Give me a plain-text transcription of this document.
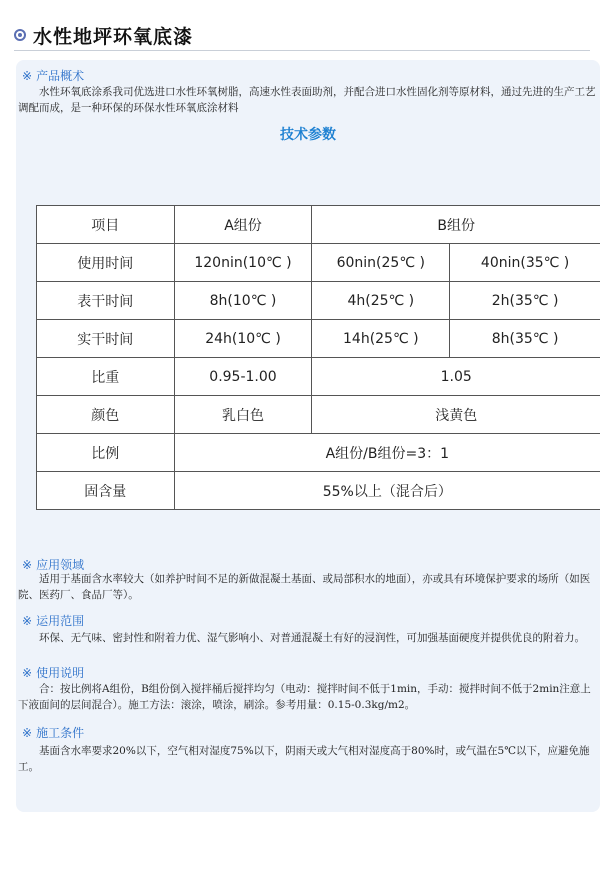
水性地坪环氧底漆
※ 产品概术
水性环氧底涂系我司优选进口水性环氧树脂，高速水性表面助剂，并配合进口水性固化剂等原材料，通过先进的生产工艺调配而成，是一种环保的环保水性环氧底涂材料
技术参数
项目	A组份	B组份	
使用时间	120nin(10℃ )	60nin(25℃ )	40nin(35℃ )
表干时间	8h(10℃ )	4h(25℃ )	2h(35℃ )
实干时间	24h(10℃ )	14h(25℃ )	8h(35℃ )
比重	0.95-1.00	1.05	
颜色	乳白色	浅黄色	
比例	A组份/B组份=3：1		
固含量	55%以上（混合后）		
※ 应用领域
适用于基面含水率较大（如养护时间不足的新做混凝土基面、或局部积水的地面），亦或具有环境保护要求的场所（如医院、医药厂、食品厂等）。
※ 运用范围
环保、无气味、密封性和附着力优、湿气影响小、对普通混凝土有好的浸润性，可加强基面硬度并提供优良的附着力。
※ 使用说明
合：按比例将A组份，B组份倒入搅拌桶后搅拌均匀（电动：搅拌时间不低于1min，手动：搅拌时间不低于2min注意上下液面间的层间混合）。施工方法：滚涂，喷涂，刷涂。参考用量：0.15-0.3kg/m2。
※ 施工条件
基面含水率要求20%以下，空气相对湿度75%以下，阴雨天或大气相对湿度高于80%时，或气温在5℃以下，应避免施工。
